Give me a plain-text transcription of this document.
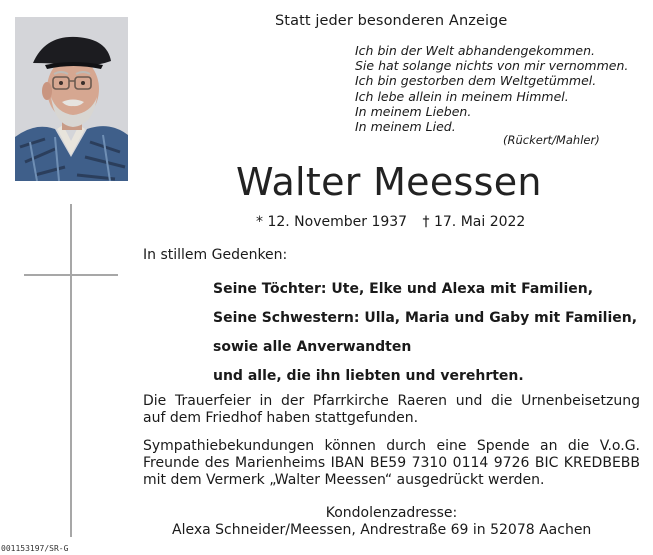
Statt jeder besonderen Anzeige
Ich bin der Welt abhandengekommen.
Sie hat solange nichts von mir vernommen.
Ich bin gestorben dem Weltgetümmel.
Ich lebe allein in meinem Himmel.
In meinem Lieben.
In meinem Lied.
(Rückert/Mahler)
Walter Meessen
* 12. November 1937 † 17. Mai 2022
In stillem Gedenken:
Seine Töchter: Ute, Elke und Alexa mit Familien,
Seine Schwestern: Ulla, Maria und Gaby mit Familien,
sowie alle Anverwandten
und alle, die ihn liebten und verehrten.
Die Trauerfeier in der Pfarrkirche Raeren und die Urnenbeisetzung
auf dem Friedhof haben stattgefunden.
Sympathiebekundungen können durch eine Spende an die V.o.G.
Freunde des Marienheims IBAN BE59 7310 0114 9726 BIC KREDBEBB
mit dem Vermerk „Walter Meessen“ ausgedrückt werden.
Kondolenzadresse:
Alexa Schneider/Meessen, Andrestraße 69 in 52078 Aachen
001153197/SR-G
